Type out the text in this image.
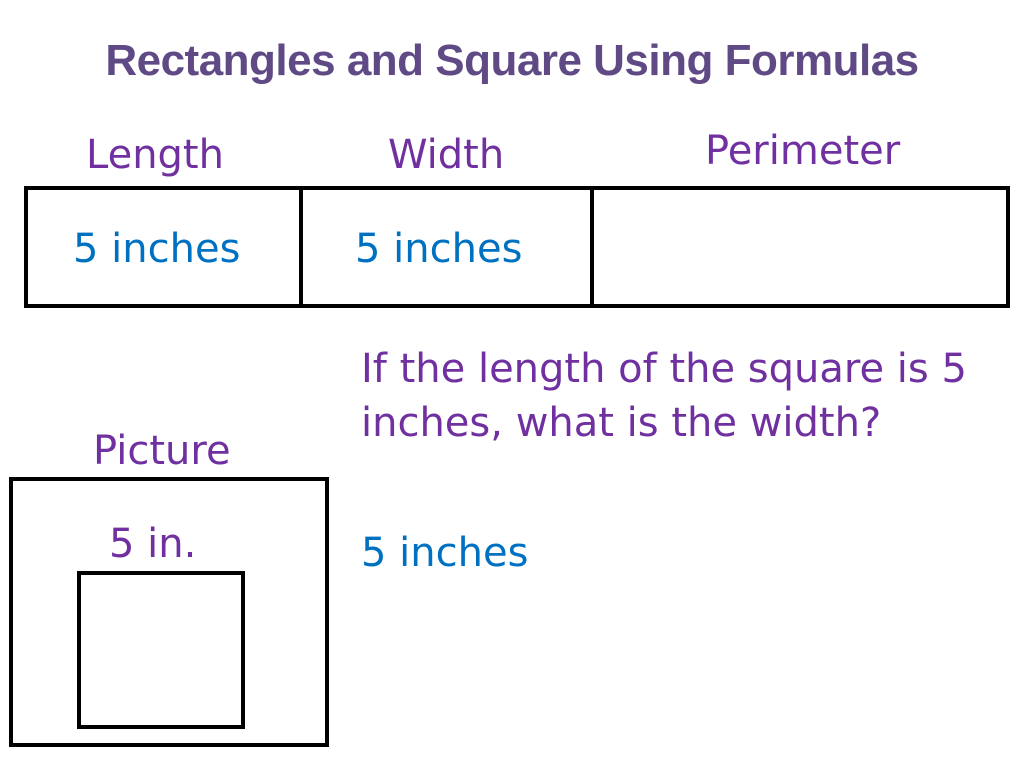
Rectangles and Square Using Formulas
Length	Width	Perimeter
5 inches	5 inches
Picture
5 in.
If the length of the square is 5 inches, what is the width?
5 inches
